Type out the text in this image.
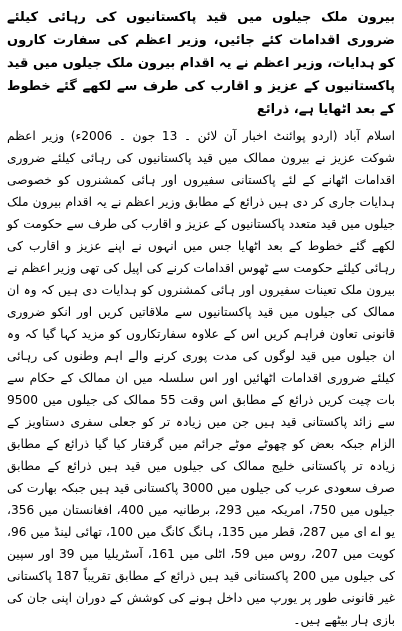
بیرون ملک جیلوں میں قید پاکستانیوں کی رہائی کیلئے ضروری اقدامات کئے جائیں، وزیر اعظم کی سفارت کاروں کو ہدایات، وزیر اعظم نے یہ اقدام بیرون ملک جیلوں میں قید پاکستانیوں کے عزیز و اقارب کی طرف سے لکھے گئے خطوط کے بعد اٹھایا ہے، ذرائع

اسلام آباد (اردو پوائنٹ اخبار آن لائن ۔ 13 جون ۔ 2006ء) وزیر اعظم شوکت عزیز نے بیرون ممالک میں قید پاکستانیوں کی رہائی کیلئے ضروری اقدامات اٹھانے کے لئے پاکستانی سفیروں اور ہائی کمشنروں کو خصوصی ہدایات جاری کر دی ہیں ذرائع کے مطابق وزیر اعظم نے یہ اقدام بیرون ملک جیلوں میں قید متعدد پاکستانیوں کے عزیز و اقارب کی طرف سے حکومت کو لکھے گئے خطوط کے بعد اٹھایا جس میں انہوں نے اپنے عزیز و اقارب کی رہائی کیلئے حکومت سے ٹھوس اقدامات کرنے کی اپیل کی تھی وزیر اعظم نے بیرون ملک تعینات سفیروں اور ہائی کمشنروں کو ہدایات دی ہیں کہ وہ ان ممالک کی جیلوں میں قید پاکستانیوں سے ملاقاتیں کریں اور انکو ضروری قانونی تعاون فراہم کریں اس کے علاوہ سفارتکاروں کو مزید کہا گیا کہ وہ ان جیلوں میں قید لوگوں کی مدت پوری کرنے والے اہم وطنوں کی رہائی کیلئے ضروری اقدامات اٹھائیں اور اس سلسلہ میں ان ممالک کے حکام سے بات چیت کریں ذرائع کے مطابق اس وقت 55 ممالک کی جیلوں میں 9500 سے زائد پاکستانی قید ہیں جن میں زیادہ تر کو جعلی سفری دستاویز کے الزام جبکہ بعض کو چھوٹے موٹے جرائم میں گرفتار کیا گیا ذرائع کے مطابق زیادہ تر پاکستانی خلیج ممالک کی جیلوں میں قید ہیں ذرائع کے مطابق صرف سعودی عرب کی جیلوں میں 3000 پاکستانی قید ہیں جبکہ بھارت کی جیلوں میں 750، امریکہ میں 293، برطانیہ میں 400، افغانستان میں 356، یو اے ای میں 287، قطر میں 135، ہانگ کانگ میں 100، تھائی لینڈ میں 96، کویت میں 207، روس میں 59، اٹلی میں 161، آسٹریلیا میں 39 اور سپین کی جیلوں میں 200 پاکستانی قید ہیں ذرائع کے مطابق تقریباً 187 پاکستانی غیر قانونی طور پر یورپ میں داخل ہونے کی کوشش کے دوران اپنی جان کی بازی ہار بیٹھے ہیں۔
